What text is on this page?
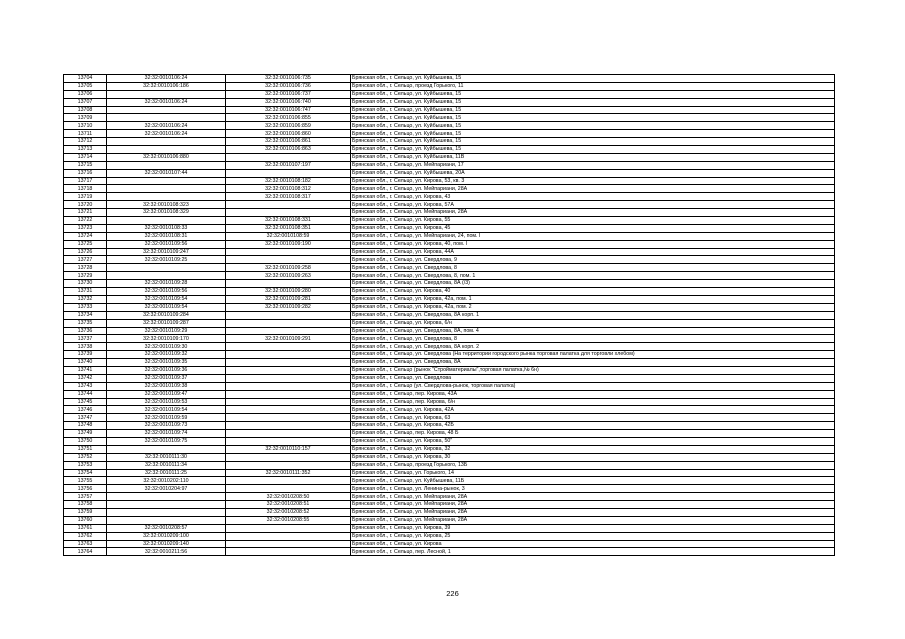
13704	32:32:0010106:24	32:32:0010106:735	Брянская обл., г. Сельцо, ул. Куйбышева, 15
13705	32:32:0010106:186	32:32:0010106:736	Брянская обл., г. Сельцо, проезд Горького, 11
13706		32:32:0010106:737	Брянская обл., г. Сельцо, ул. Куйбышева, 15
13707	32:32:0010106:24	32:32:0010106:740	Брянская обл., г. Сельцо, ул. Куйбышева, 15
13708		32:32:0010106:747	Брянская обл., г. Сельцо, ул. Куйбышева, 15
13709		32:32:0010106:855	Брянская обл., г. Сельцо, ул. Куйбышева, 15
13710	32:32:0010106:24	32:32:0010106:859	Брянская обл., г. Сельцо, ул. Куйбышева, 15
13711	32:32:0010106:24	32:32:0010106:860	Брянская обл., г. Сельцо, ул. Куйбышева, 15
13712		32:32:0010106:861	Брянская обл., г. Сельцо, ул. Куйбышева, 15
13713		32:32:0010106:863	Брянская обл., г. Сельцо, ул. Куйбышева, 15
13714	32:32:0010106:880		Брянская обл., г. Сельцо, ул. Куйбышева, 11В
13715		32:32:0010107:197	Брянская обл., г. Сельцо, ул. Мейпариани, 17
13716	32:32:0010107:44		Брянская обл., г. Сельцо, ул. Куйбышева, 20А
13717		32:32:0010108:182	Брянская обл., г. Сельцо, ул. Кирова, 53, кв. 3
13718		32:32:0010108:312	Брянская обл., г. Сельцо, ул. Мейпариани, 28А
13719		32:32:0010108:317	Брянская обл., г. Сельцо, ул. Кирова, 43
13720	32:32:0010108:323		Брянская обл., г. Сельцо, ул. Кирова, 57А
13721	32:32:0010108:329		Брянская обл., г. Сельцо, ул. Мейпариани, 28А
13722		32:32:0010108:331	Брянская обл., г. Сельцо, ул. Кирова, 55
13723	32:32:0010108:33	32:32:0010108:351	Брянская обл., г. Сельцо, ул. Кирова, 45
13724	32:32:0010108:31	32:32:0010108:59	Брянская обл., г. Сельцо, ул. Мейпариани, 24, пом. I
13725	32:32:0010109:56	32:32:0010109:190	Брянская обл., г. Сельцо, ул. Кирова, 40, пом. I
13726	32:32:0010109:247		Брянская обл., г. Сельцо, ул. Кирова, 44А
13727	32:32:0010109:25		Брянская обл., г. Сельцо, ул. Свердлова, 9
13728		32:32:0010109:258	Брянская обл., г. Сельцо, ул. Свердлова, 8
13729		32:32:0010109:263	Брянская обл., г. Сельцо, ул. Свердлова, 8, пом. 1
13730	32:32:0010109:28		Брянская обл., г. Сельцо, ул. Свердлова, 8А (/3)
13731	32:32:0010109:56	32:32:0010109:280	Брянская обл., г. Сельцо, ул. Кирова, 40
13732	32:32:0010109:54	32:32:0010109:281	Брянская обл., г. Сельцо, ул. Кирова, 42а, пом. 1
13733	32:32:0010109:54	32:32:0010109:282	Брянская обл., г. Сельцо, ул. Кирова, 42а, пом. 2
13734	32:32:0010109:284		Брянская обл., г. Сельцо, ул. Свердлова, 8А корп. 1
13735	32:32:0010109:287		Брянская обл., г. Сельцо, ул. Кирова, 6/н
13736	32:32:0010109:29		Брянская обл., г. Сельцо, ул. Свердлова, 8А, пом. 4
13737	32:32:0010109:170	32:32:0010109:291	Брянская обл., г. Сельцо, ул. Свердлова, 8
13738	32:32:0010109:30		Брянская обл., г. Сельцо, ул. Свердлова, 8А корп. 2
13739	32:32:0010109:32		Брянская обл., г. Сельцо, ул. Свердлова (На территории городского рынка торговая палатка для торговли хлебом)
13740	32:32:0010109:35		Брянская обл., г. Сельцо, ул. Свердлова, 8А
13741	32:32:0010109:36		Брянская обл., г. Сельцо (рынок "Стройматериалы",торговая палатка,№ 6н)
13742	32:32:0010109:37		Брянская обл., г. Сельцо, ул. Свердлова
13743	32:32:0010109:38		Брянская обл., г. Сельцо (ул. Свердлова-рынок, торговая палатка)
13744	32:32:0010109:47		Брянская обл., г. Сельцо, пер. Кирова, 43А
13745	32:32:0010109:53		Брянская обл., г. Сельцо, пер. Кирова, б/н
13746	32:32:0010109:54		Брянская обл., г. Сельцо, ул. Кирова, 42А
13747	32:32:0010109:59		Брянская обл., г. Сельцо, ул. Кирова, 63
13748	32:32:0010109:73		Брянская обл., г. Сельцо, ул. Кирова, 42Б
13749	32:32:0010109:74		Брянская обл., г. Сельцо, пер. Кирова, 48 Б
13750	32:32:0010109:75		Брянская обл., г. Сельцо, ул. Кирова, 50"
13751		32:32:0010110:157	Брянская обл., г. Сельцо, ул. Кирова, 32
13752	32:32:0010111:30		Брянская обл., г. Сельцо, ул. Кирова, 30
13753	32:32:0010111:34		Брянская обл., г. Сельцо, проезд Горького, 13Б
13754	32:32:0010111:25	32:32:0010111:352	Брянская обл., г. Сельцо, ул. Горького, 14
13755	32:32:0010202:110		Брянская обл., г. Сельцо, ул. Куйбышева, 11Б
13756	32:32:0010204:97		Брянская обл., г. Сельцо, ул. Ленина-рынок, 3
13757		32:32:0010208:50	Брянская обл., г. Сельцо, ул. Мейпариани, 28А
13758		32:32:0010208:51	Брянская обл., г. Сельцо, ул. Мейпариани, 28А
13759		32:32:0010208:52	Брянская обл., г. Сельцо, ул. Мейпариани, 28А
13760		32:32:0010208:55	Брянская обл., г. Сельцо, ул. Мейпариани, 28А
13761	32:32:0010208:57		Брянская обл., г. Сельцо, ул. Кирова, 39
13762	32:32:0010209:100		Брянская обл., г. Сельцо, ул. Кирова, 25
13763	32:32:0010209:140		Брянская обл., г. Сельцо, ул. Кирова
13764	32:32:0010211:56		Брянская обл., г. Сельцо, пер. Лесной, 1
226
